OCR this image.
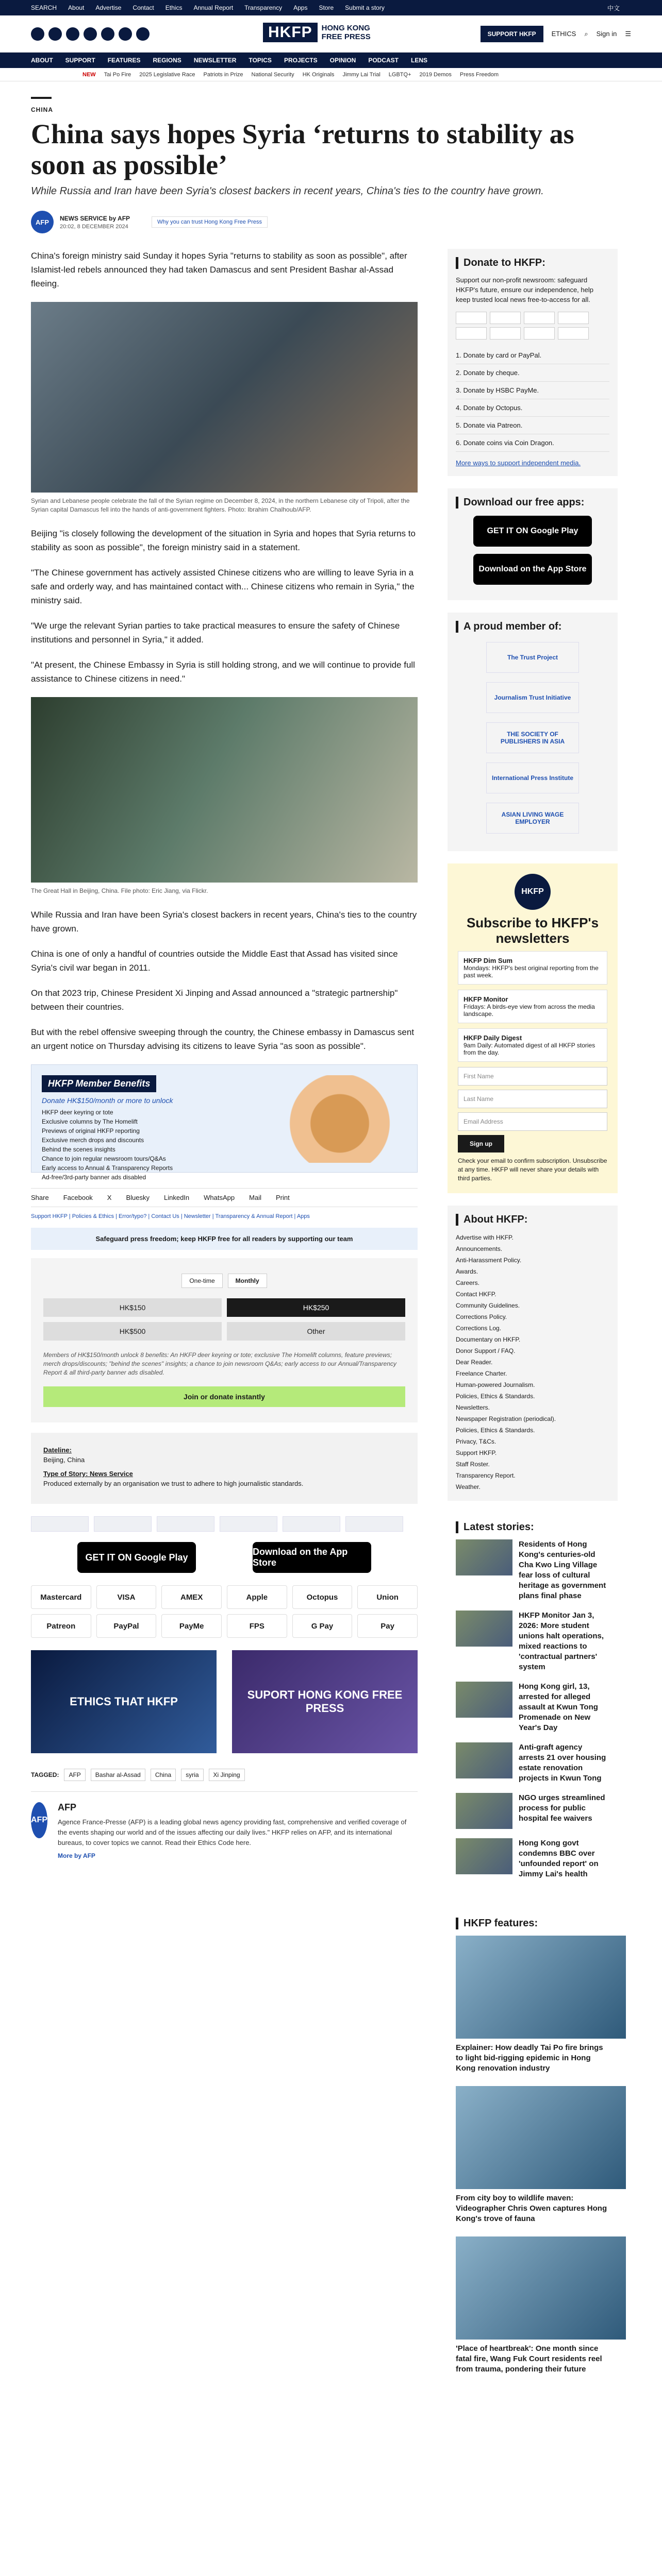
SEARCH About Advertise Contact Ethics Annual Report Transparency Apps Store Submit a story	中文
HKFP	HONG KONG
FREE PRESS	SUPPORT HKFP	ETHICS ⌕ Sign in ☰
ABOUT SUPPORT FEATURES REGIONS NEWSLETTER TOPICS PROJECTS OPINION PODCAST LENS
NEW Tai Po Fire 2025 Legislative Race Patriots in Prize National Security HK Originals Jimmy Lai Trial LGBTQ+ 2019 Demos Press Freedom
CHINA
China says hopes Syria ‘returns to stability as soon as possible’
While Russia and Iran have been Syria's closest backers in recent years, China's ties to the country have grown.
AFP	NEWS SERVICE by AFP
20:02, 8 DECEMBER 2024
Why you can trust Hong Kong Free Press

China's foreign ministry said Sunday it hopes Syria "returns to stability as soon as possible", after Islamist-led rebels announced they had taken Damascus and sent President Bashar al-Assad fleeing.

Syrian and Lebanese people celebrate the fall of the Syrian regime on December 8, 2024, in the northern Lebanese city of Tripoli, after the Syrian capital Damascus fell into the hands of anti-government fighters. Photo: Ibrahim Chalhoub/AFP.

Beijing "is closely following the development of the situation in Syria and hopes that Syria returns to stability as soon as possible", the foreign ministry said in a statement.

"The Chinese government has actively assisted Chinese citizens who are willing to leave Syria in a safe and orderly way, and has maintained contact with... Chinese citizens who remain in Syria," the ministry said.

"We urge the relevant Syrian parties to take practical measures to ensure the safety of Chinese institutions and personnel in Syria," it added.

"At present, the Chinese Embassy in Syria is still holding strong, and we will continue to provide full assistance to Chinese citizens in need."

The Great Hall in Beijing, China. File photo: Eric Jiang, via Flickr.

While Russia and Iran have been Syria's closest backers in recent years, China's ties to the country have grown.

China is one of only a handful of countries outside the Middle East that Assad has visited since Syria's civil war began in 2011.

On that 2023 trip, Chinese President Xi Jinping and Assad announced a "strategic partnership" between their countries.

But with the rebel offensive sweeping through the country, the Chinese embassy in Damascus sent an urgent notice on Thursday advising its citizens to leave Syria "as soon as possible".

HKFP Member Benefits
Donate HK$150/month or more to unlock
HKFP deer keyring or tote
Exclusive columns by The Homelift
Previews of original HKFP reporting
Exclusive merch drops and discounts
Behind the scenes insights
Chance to join regular newsroom tours/Q&As
Early access to Annual & Transparency Reports
Ad-free/3rd-party banner ads disabled
Share Facebook X Bluesky LinkedIn WhatsApp Mail Print
Support HKFP | Policies & Ethics | Error/typo? | Contact Us | Newsletter | Transparency & Annual Report | Apps
Safeguard press freedom; keep HKFP free for all readers by supporting our team
One-time	Monthly
HK$150	HK$250
HK$500	Other
Members of HK$150/month unlock 8 benefits: An HKFP deer keyring or tote; exclusive The Homelift columns, feature previews; merch drops/discounts; "behind the scenes" insights; a chance to join newsroom Q&As; early access to our Annual/Transparency Report & all third-party banner ads disabled.
Join or donate instantly
Dateline:
Beijing, China
Type of Story: News Service
Produced externally by an organisation we trust to adhere to high journalistic standards.
GET IT ON Google Play
Download on the App Store
Mastercard	VISA	AMEX	Apple	Octopus	Union
Patreon	PayPal	PayMe	FPS	G Pay	Pay
ETHICS THAT HKFP
SUPORT HONG KONG FREE PRESS
TAGGED:	AFP	Bashar al-Assad	China	syria	Xi Jinping
AFP
AFP

Agence France-Presse (AFP) is a leading global news agency providing fast, comprehensive and verified coverage of the events shaping our world and of the issues affecting our daily lives." HKFP relies on AFP, and its international bureaus, to cover topics we cannot. Read their Ethics Code here.

More by AFP
Donate to HKFP:

Support our non-profit newsroom: safeguard HKFP's future, ensure our independence, help keep trusted local news free-to-access for all.

1. Donate by card or PayPal.
2. Donate by cheque.
3. Donate by HSBC PayMe.
4. Donate by Octopus.
5. Donate via Patreon.
6. Donate coins via Coin Dragon.

More ways to support independent media.

Download our free apps:
GET IT ON Google Play
Download on the App Store
A proud member of:
The Trust Project
Journalism Trust Initiative
THE SOCIETY OF PUBLISHERS IN ASIA
International Press Institute
ASIAN LIVING WAGE EMPLOYER
HKFP
Subscribe to HKFP's newsletters
HKFP Dim Sum
Mondays: HKFP's best original reporting from the past week.
HKFP Monitor
Fridays: A birds-eye view from across the media landscape.
HKFP Daily Digest
9am Daily: Automated digest of all HKFP stories from the day.
First Name
Last Name
Email Address
Sign up
Check your email to confirm subscription. Unsubscribe at any time. HKFP will never share your details with third parties.
About HKFP:
Advertise with HKFP.
Announcements.
Anti-Harassment Policy.
Awards.
Careers.
Contact HKFP.
Community Guidelines.
Corrections Policy.
Corrections Log.
Documentary on HKFP.
Donor Support / FAQ.
Dear Reader.
Freelance Charter.
Human-powered Journalism.
Policies, Ethics & Standards.
Newsletters.
Newspaper Registration (periodical).
Policies, Ethics & Standards.
Privacy, T&Cs.
Support HKFP.
Staff Roster.
Transparency Report.
Weather.
Latest stories:
Residents of Hong Kong's centuries-old Cha Kwo Ling Village fear loss of cultural heritage as government plans final phase
HKFP Monitor Jan 3, 2026: More student unions halt operations, mixed reactions to 'contractual partners' system
Hong Kong girl, 13, arrested for alleged assault at Kwun Tong Promenade on New Year's Day
Anti-graft agency arrests 21 over housing estate renovation projects in Kwun Tong
NGO urges streamlined process for public hospital fee waivers
Hong Kong govt condemns BBC over 'unfounded report' on Jimmy Lai's health
HKFP features:
Explainer: How deadly Tai Po fire brings to light bid-rigging epidemic in Hong Kong renovation industry
From city boy to wildlife maven: Videographer Chris Owen captures Hong Kong's trove of fauna
'Place of heartbreak': One month since fatal fire, Wang Fuk Court residents reel from trauma, pondering their future
